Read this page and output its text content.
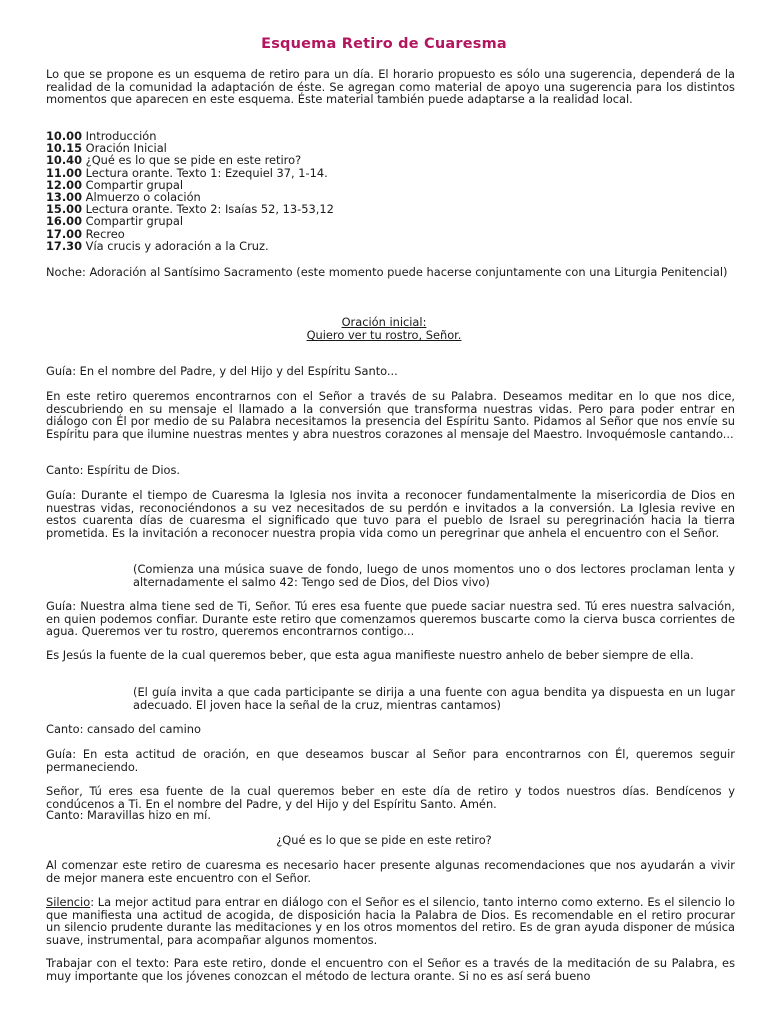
Esquema Retiro de Cuaresma

Lo que se propone es un esquema de retiro para un día. El horario propuesto es sólo una sugerencia, dependerá de la realidad de la comunidad la adaptación de éste. Se agregan como material de apoyo una sugerencia para los distintos momentos que aparecen en este esquema. Éste material también puede adaptarse a la realidad local.

10.00 Introducción
10.15 Oración Inicial
10.40 ¿Qué es lo que se pide en este retiro?
11.00 Lectura orante. Texto 1: Ezequiel 37, 1-14.
12.00 Compartir grupal
13.00 Almuerzo o colación
15.00 Lectura orante. Texto 2: Isaías 52, 13-53,12
16.00 Compartir grupal
17.00 Recreo
17.30 Vía crucis y adoración a la Cruz.

Noche: Adoración al Santísimo Sacramento (este momento puede hacerse conjuntamente con una Liturgia Penitencial)

Oración inicial:
Quiero ver tu rostro, Señor.

Guía: En el nombre del Padre, y del Hijo y del Espíritu Santo...

En este retiro queremos encontrarnos con el Señor a través de su Palabra. Deseamos meditar en lo que nos dice, descubriendo en su mensaje el llamado a la conversión que transforma nuestras vidas. Pero para poder entrar en diálogo con Él por medio de su Palabra necesitamos la presencia del Espíritu Santo. Pidamos al Señor que nos envíe su Espíritu para que ilumine nuestras mentes y abra nuestros corazones al mensaje del Maestro. Invoquémosle cantando...

Canto: Espíritu de Dios.

Guía: Durante el tiempo de Cuaresma la Iglesia nos invita a reconocer fundamentalmente la misericordia de Dios en nuestras vidas, reconociéndonos a su vez necesitados de su perdón e invitados a la conversión. La Iglesia revive en estos cuarenta días de cuaresma el significado que tuvo para el pueblo de Israel su peregrinación hacia la tierra prometida. Es la invitación a reconocer nuestra propia vida como un peregrinar que anhela el encuentro con el Señor.

(Comienza una música suave de fondo, luego de unos momentos uno o dos lectores proclaman lenta y alternadamente el salmo 42: Tengo sed de Dios, del Dios vivo)

Guía: Nuestra alma tiene sed de Ti, Señor. Tú eres esa fuente que puede saciar nuestra sed. Tú eres nuestra salvación, en quien podemos confiar. Durante este retiro que comenzamos queremos buscarte como la cierva busca corrientes de agua. Queremos ver tu rostro, queremos encontrarnos contigo...

Es Jesús la fuente de la cual queremos beber, que esta agua manifieste nuestro anhelo de beber siempre de ella.

(El guía invita a que cada participante se dirija a una fuente con agua bendita ya dispuesta en un lugar adecuado. El joven hace la señal de la cruz, mientras cantamos)

Canto: cansado del camino

Guía: En esta actitud de oración, en que deseamos buscar al Señor para encontrarnos con Él, queremos seguir permaneciendo.

Señor, Tú eres esa fuente de la cual queremos beber en este día de retiro y todos nuestros días. Bendícenos y condúcenos a Ti. En el nombre del Padre, y del Hijo y del Espíritu Santo. Amén.

Canto: Maravillas hizo en mí.

¿Qué es lo que se pide en este retiro?

Al comenzar este retiro de cuaresma es necesario hacer presente algunas recomendaciones que nos ayudarán a vivir de mejor manera este encuentro con el Señor.

Silencio: La mejor actitud para entrar en diálogo con el Señor es el silencio, tanto interno como externo. Es el silencio lo que manifiesta una actitud de acogida, de disposición hacia la Palabra de Dios. Es recomendable en el retiro procurar un silencio prudente durante las meditaciones y en los otros momentos del retiro. Es de gran ayuda disponer de música suave, instrumental, para acompañar algunos momentos.

Trabajar con el texto: Para este retiro, donde el encuentro con el Señor es a través de la meditación de su Palabra, es muy importante que los jóvenes conozcan el método de lectura orante. Si no es así será bueno
